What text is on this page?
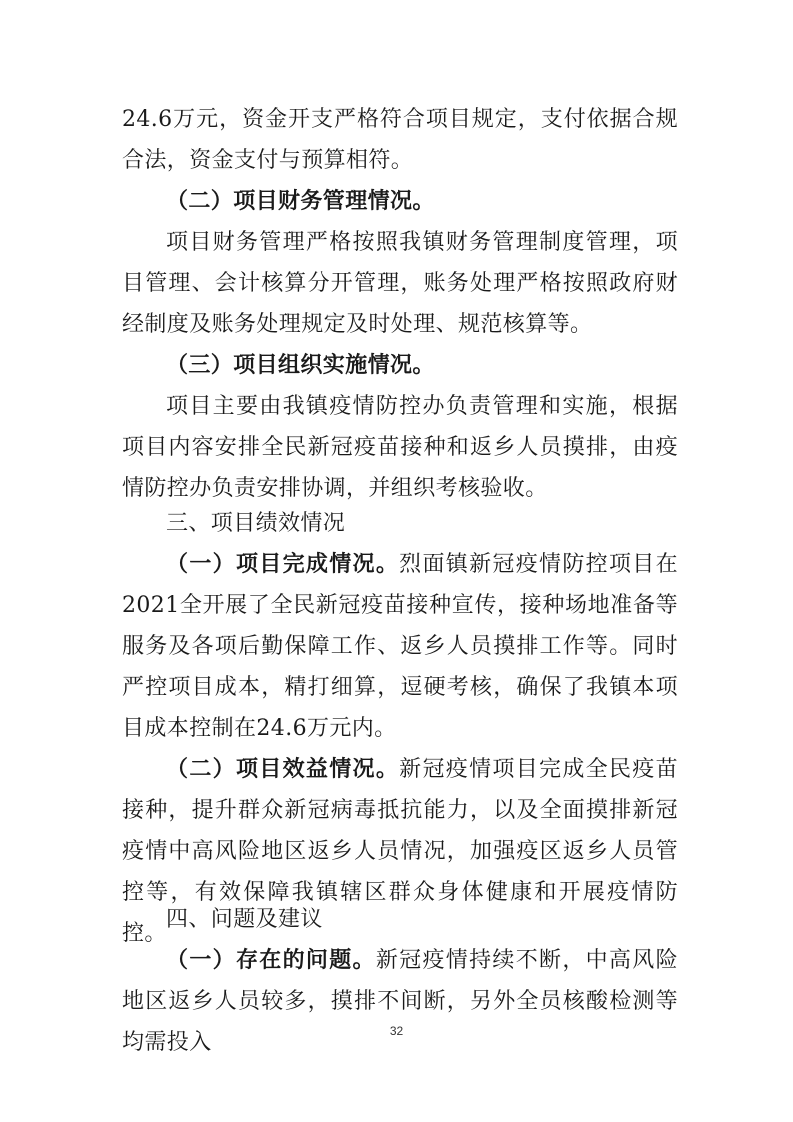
24.6万元，资金开支严格符合项目规定，支付依据合规合法，资金支付与预算相符。

（二）项目财务管理情况。

项目财务管理严格按照我镇财务管理制度管理，项目管理、会计核算分开管理，账务处理严格按照政府财经制度及账务处理规定及时处理、规范核算等。

（三）项目组织实施情况。

项目主要由我镇疫情防控办负责管理和实施，根据项目内容安排全民新冠疫苗接种和返乡人员摸排，由疫情防控办负责安排协调，并组织考核验收。

三、项目绩效情况

（一）项目完成情况。烈面镇新冠疫情防控项目在2021全开展了全民新冠疫苗接种宣传，接种场地准备等服务及各项后勤保障工作、返乡人员摸排工作等。同时严控项目成本，精打细算，逗硬考核，确保了我镇本项目成本控制在24.6万元内。

（二）项目效益情况。新冠疫情项目完成全民疫苗接种，提升群众新冠病毒抵抗能力，以及全面摸排新冠疫情中高风险地区返乡人员情况，加强疫区返乡人员管控等，有效保障我镇辖区群众身体健康和开展疫情防控。

四、问题及建议

（一）存在的问题。新冠疫情持续不断，中高风险地区返乡人员较多，摸排不间断，另外全员核酸检测等均需投入	32
